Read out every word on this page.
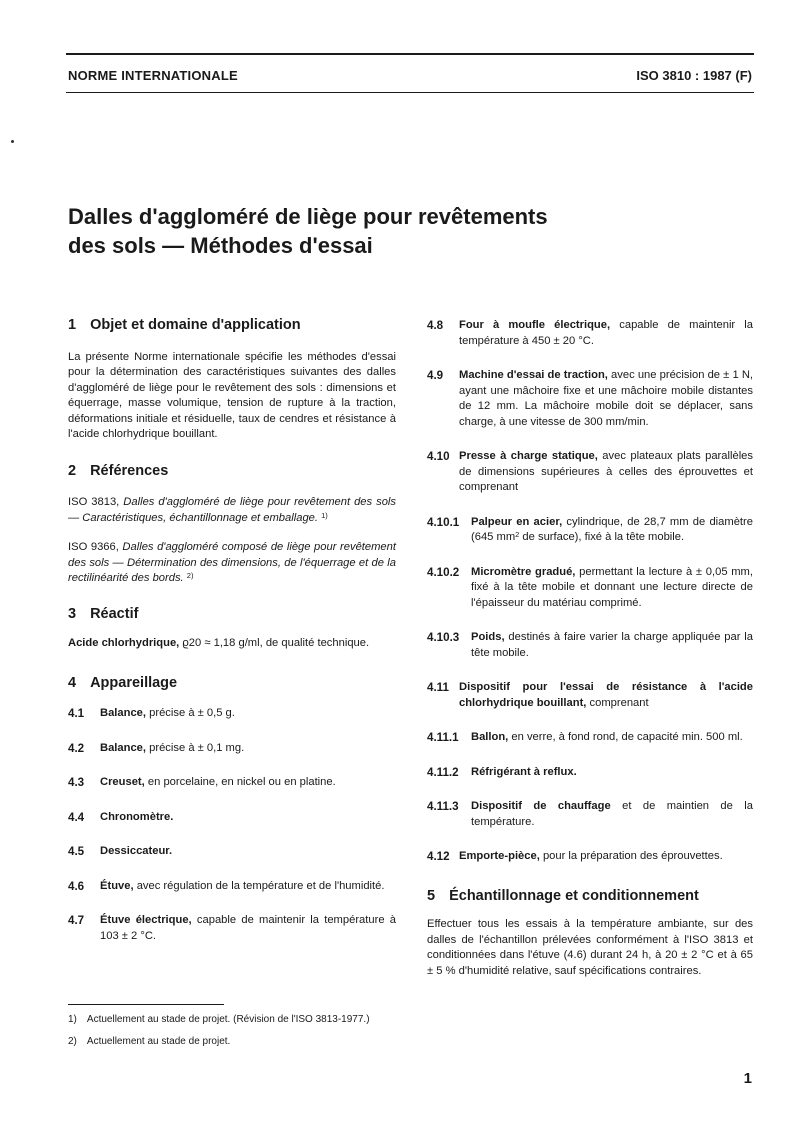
NORME INTERNATIONALE	ISO 3810 : 1987 (F)
Dalles d'aggloméré de liège pour revêtements
des sols — Méthodes d'essai
1 Objet et domaine d'application

La présente Norme internationale spécifie les méthodes d'essai pour la détermination des caractéristiques suivantes des dalles d'aggloméré de liège pour le revêtement des sols : dimensions et équerrage, masse volumique, tension de rupture à la traction, déformations initiale et résiduelle, taux de cendres et résistance à l'acide chlorhydrique bouillant.

2 Références

ISO 3813, Dalles d'aggloméré de liège pour revêtement des sols — Caractéristiques, échantillonnage et emballage. $^{1)}$

ISO 9366, Dalles d'aggloméré composé de liège pour revêtement des sols — Détermination des dimensions, de l'équerrage et de la rectilinéarité des bords. $^{2)}$

3 Réactif

Acide chlorhydrique, ϱ20 ≈ 1,18 g/ml, de qualité technique.

4 Appareillage
4.1	Balance, précise à ± 0,5 g.
4.2	Balance, précise à ± 0,1 mg.
4.3	Creuset, en porcelaine, en nickel ou en platine.
4.4	Chronomètre.
4.5	Dessiccateur.
4.6	Étuve, avec régulation de la température et de l'humidité.
4.7	Étuve électrique, capable de maintenir la température à 103 ± 2 °C.
4.8	Four à moufle électrique, capable de maintenir la température à 450 ± 20 °C.
4.9	Machine d'essai de traction, avec une précision de ± 1 N, ayant une mâchoire fixe et une mâchoire mobile distantes de 12 mm. La mâchoire mobile doit se déplacer, sans charge, à une vitesse de 300 mm/min.
4.10 Presse à charge statique, avec plateaux plats parallèles de dimensions supérieures à celles des éprouvettes et comprenant
4.10.1	Palpeur en acier, cylindrique, de 28,7 mm de diamètre (645 $mm^2$ de surface), fixé à la tête mobile.
4.10.2	Micromètre gradué, permettant la lecture à ± 0,05 mm, fixé à la tête mobile et donnant une lecture directe de l'épaisseur du matériau comprimé.
4.10.3	Poids, destinés à faire varier la charge appliquée par la tête mobile.
4.11 Dispositif pour l'essai de résistance à l'acide chlorhydrique bouillant, comprenant
4.11.1	Ballon, en verre, à fond rond, de capacité min. 500 ml.
4.11.2	Réfrigérant à reflux.
4.11.3	Dispositif de chauffage et de maintien de la température.
4.12 Emporte-pièce, pour la préparation des éprouvettes.
5 Échantillonnage et conditionnement

Effectuer tous les essais à la température ambiante, sur des dalles de l'échantillon prélevées conformément à l'ISO 3813 et conditionnées dans l'étuve (4.6) durant 24 h, à 20 ± 2 °C et à 65 ± 5 % d'humidité relative, sauf spécifications contraires.

1) Actuellement au stade de projet. (Révision de l'ISO 3813-1977.)
2) Actuellement au stade de projet.
1
